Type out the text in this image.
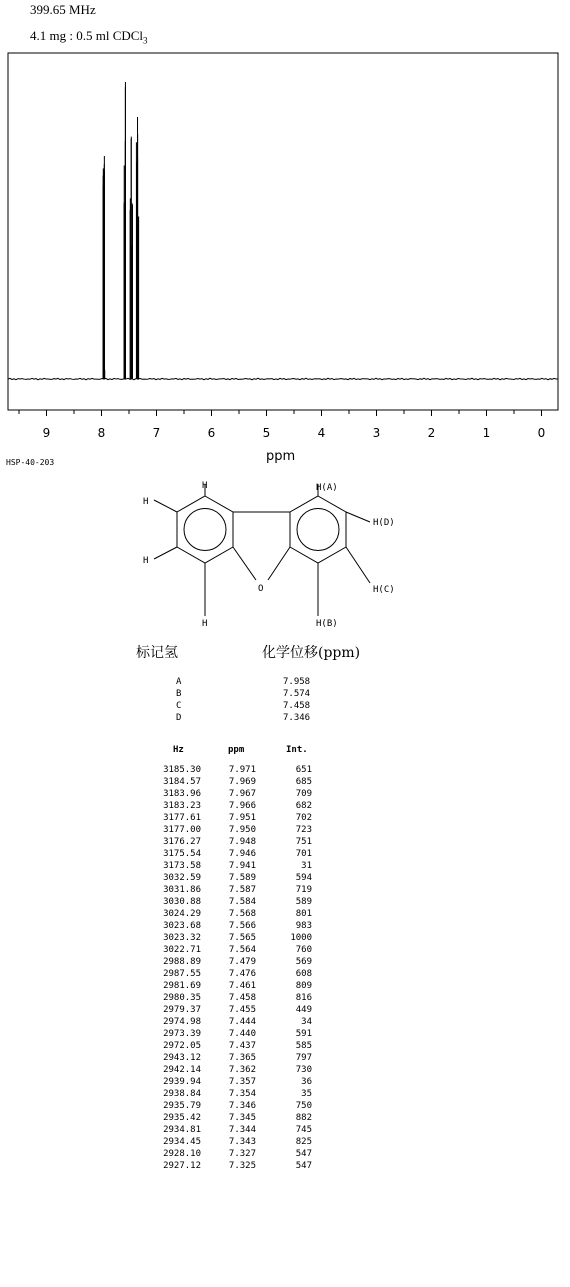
399.65 MHz
4.1 mg : 0.5 ml CDCl$_3$
9	8	7	6	5	4	3	2	1	0
HSP-40-203	ppm
H
H
H
H
O
H(A)
H(D)
H(C)
H(B)
标记氢	化学位移(ppm)
A	7.958
B	7.574
C	7.458
D	7.346
Hz	ppm	Int.
3185.30	7.971	651
3184.57	7.969	685
3183.96	7.967	709
3183.23	7.966	682
3177.61	7.951	702
3177.00	7.950	723
3176.27	7.948	751
3175.54	7.946	701
3173.58	7.941	31
3032.59	7.589	594
3031.86	7.587	719
3030.88	7.584	589
3024.29	7.568	801
3023.68	7.566	983
3023.32	7.565	1000
3022.71	7.564	760
2988.89	7.479	569
2987.55	7.476	608
2981.69	7.461	809
2980.35	7.458	816
2979.37	7.455	449
2974.98	7.444	34
2973.39	7.440	591
2972.05	7.437	585
2943.12	7.365	797
2942.14	7.362	730
2939.94	7.357	36
2938.84	7.354	35
2935.79	7.346	750
2935.42	7.345	882
2934.81	7.344	745
2934.45	7.343	825
2928.10	7.327	547
2927.12	7.325	547
